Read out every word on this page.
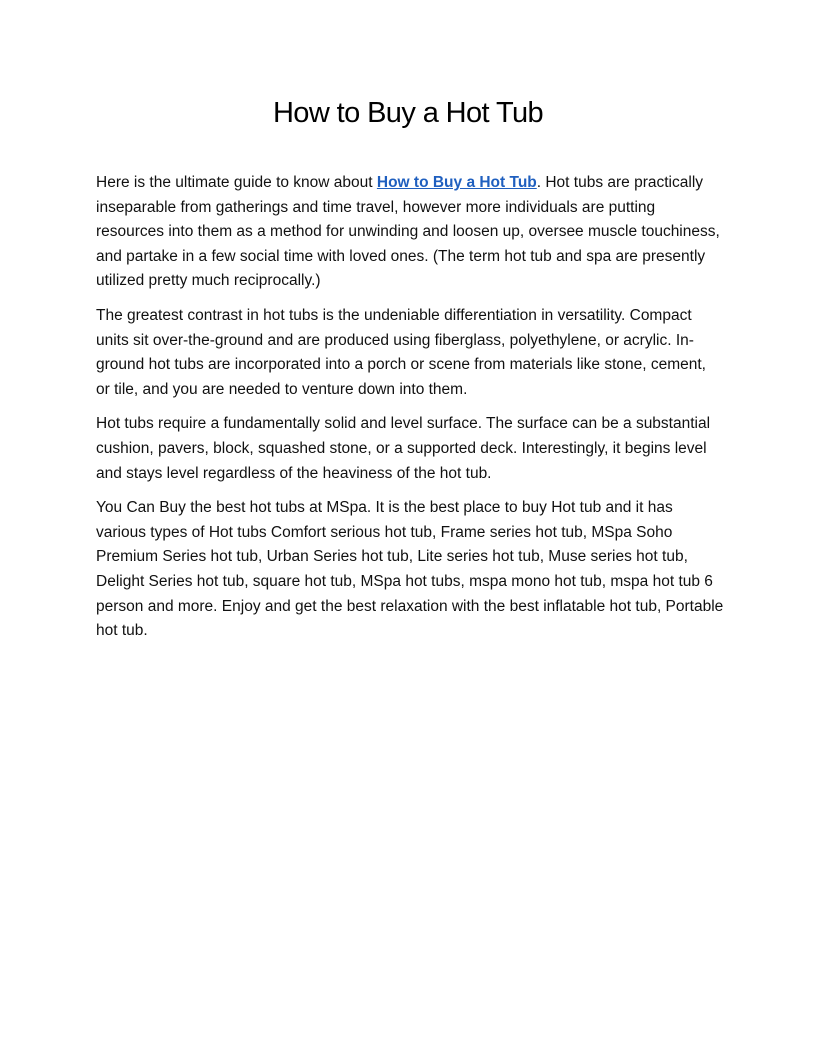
How to Buy a Hot Tub

Here is the ultimate guide to know about How to Buy a Hot Tub. Hot tubs are practically inseparable from gatherings and time travel, however more individuals are putting resources into them as a method for unwinding and loosen up, oversee muscle touchiness, and partake in a few social time with loved ones. (The term hot tub and spa are presently utilized pretty much reciprocally.)

The greatest contrast in hot tubs is the undeniable differentiation in versatility. Compact units sit over-the-ground and are produced using fiberglass, polyethylene, or acrylic. In-ground hot tubs are incorporated into a porch or scene from materials like stone, cement, or tile, and you are needed to venture down into them.

Hot tubs require a fundamentally solid and level surface. The surface can be a substantial cushion, pavers, block, squashed stone, or a supported deck. Interestingly, it begins level and stays level regardless of the heaviness of the hot tub.

You Can Buy the best hot tubs at MSpa. It is the best place to buy Hot tub and it has various types of Hot tubs Comfort serious hot tub, Frame series hot tub, MSpa Soho Premium Series hot tub, Urban Series hot tub, Lite series hot tub, Muse series hot tub, Delight Series hot tub, square hot tub, MSpa hot tubs, mspa mono hot tub, mspa hot tub 6 person and more. Enjoy and get the best relaxation with the best inflatable hot tub, Portable hot tub.
